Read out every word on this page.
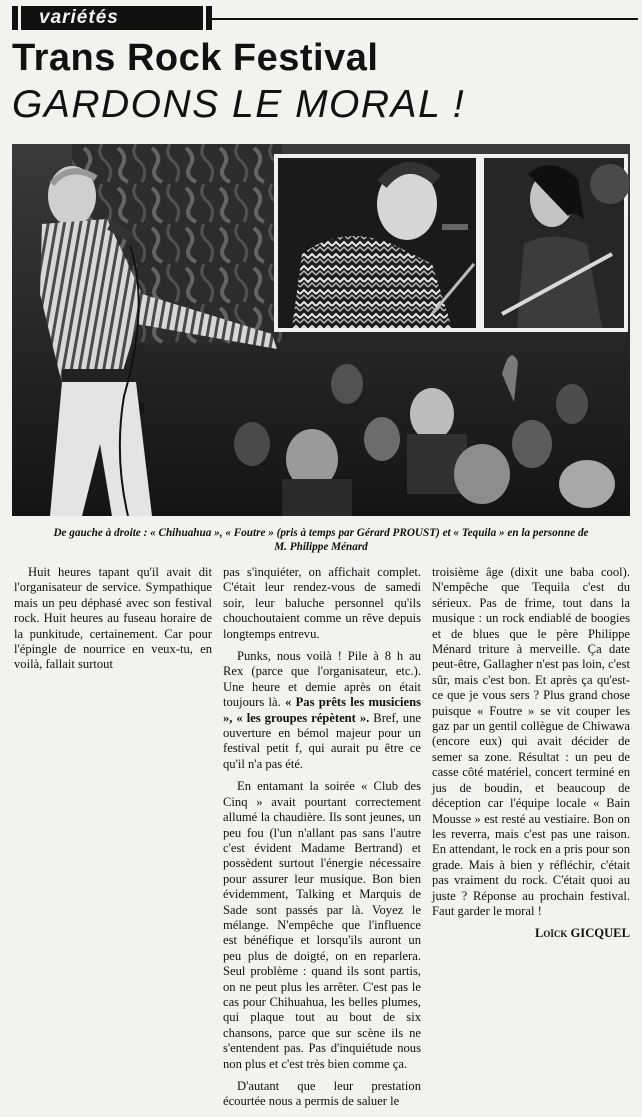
variétés
Trans Rock Festival
GARDONS LE MORAL !

De gauche à droite : « Chihuahua », « Foutre » (pris à temps par Gérard PROUST) et « Tequila » en la personne de
M. Philippe Ménard

Huit heures tapant qu'il avait dit l'organisateur de service. Sympathique mais un peu déphasé avec son festival rock. Huit heures au fuseau horaire de la punkitude, certainement. Car pour l'épingle de nourrice en veux-tu, en voilà, fallait surtout

pas s'inquiéter, on affichait complet. C'était leur rendez-vous de samedi soir, leur baluche personnel qu'ils chouchoutaient comme un rêve depuis longtemps entrevu.

Punks, nous voilà ! Pile à 8 h au Rex (parce que l'organisateur, etc.). Une heure et demie après on était toujours là. « Pas prêts les musiciens », « les groupes répètent ». Bref, une ouverture en bémol majeur pour un festival petit f, qui aurait pu être ce qu'il n'a pas été.

En entamant la soirée « Club des Cinq » avait pourtant correctement allumé la chaudière. Ils sont jeunes, un peu fou (l'un n'allant pas sans l'autre c'est évident Madame Bertrand) et possèdent surtout l'énergie nécessaire pour assurer leur musique. Bon bien évidemment, Talking et Marquis de Sade sont passés par là. Voyez le mélange. N'empêche que l'influence est bénéfique et lorsqu'ils auront un peu plus de doigté, on en reparlera. Seul problème : quand ils sont partis, on ne peut plus les arrêter. C'est pas le cas pour Chihuahua, les belles plumes, qui plaque tout au bout de six chansons, parce que sur scène ils ne s'entendent pas. Pas d'inquiétude nous non plus et c'est très bien comme ça.

D'autant que leur prestation écourtée nous a permis de saluer le

troisième âge (dixit une baba cool). N'empêche que Tequila c'est du sérieux. Pas de frime, tout dans la musique : un rock endiablé de boogies et de blues que le père Philippe Ménard triture à merveille. Ça date peut-être, Gallagher n'est pas loin, c'est sûr, mais c'est bon. Et après ça qu'est-ce que je vous sers ? Plus grand chose puisque « Foutre » se vit couper les gaz par un gentil collègue de Chiwawa (encore eux) qui avait décider de semer sa zone. Résultat : un peu de casse côté matériel, concert terminé en jus de boudin, et beaucoup de déception car l'équipe locale « Bain Mousse » est resté au vestiaire. Bon on les reverra, mais c'est pas une raison. En attendant, le rock en a pris pour son grade. Mais à bien y réfléchir, c'était pas vraiment du rock. C'était quoi au juste ? Réponse au prochain festival. Faut garder le moral !

Loïck GICQUEL
